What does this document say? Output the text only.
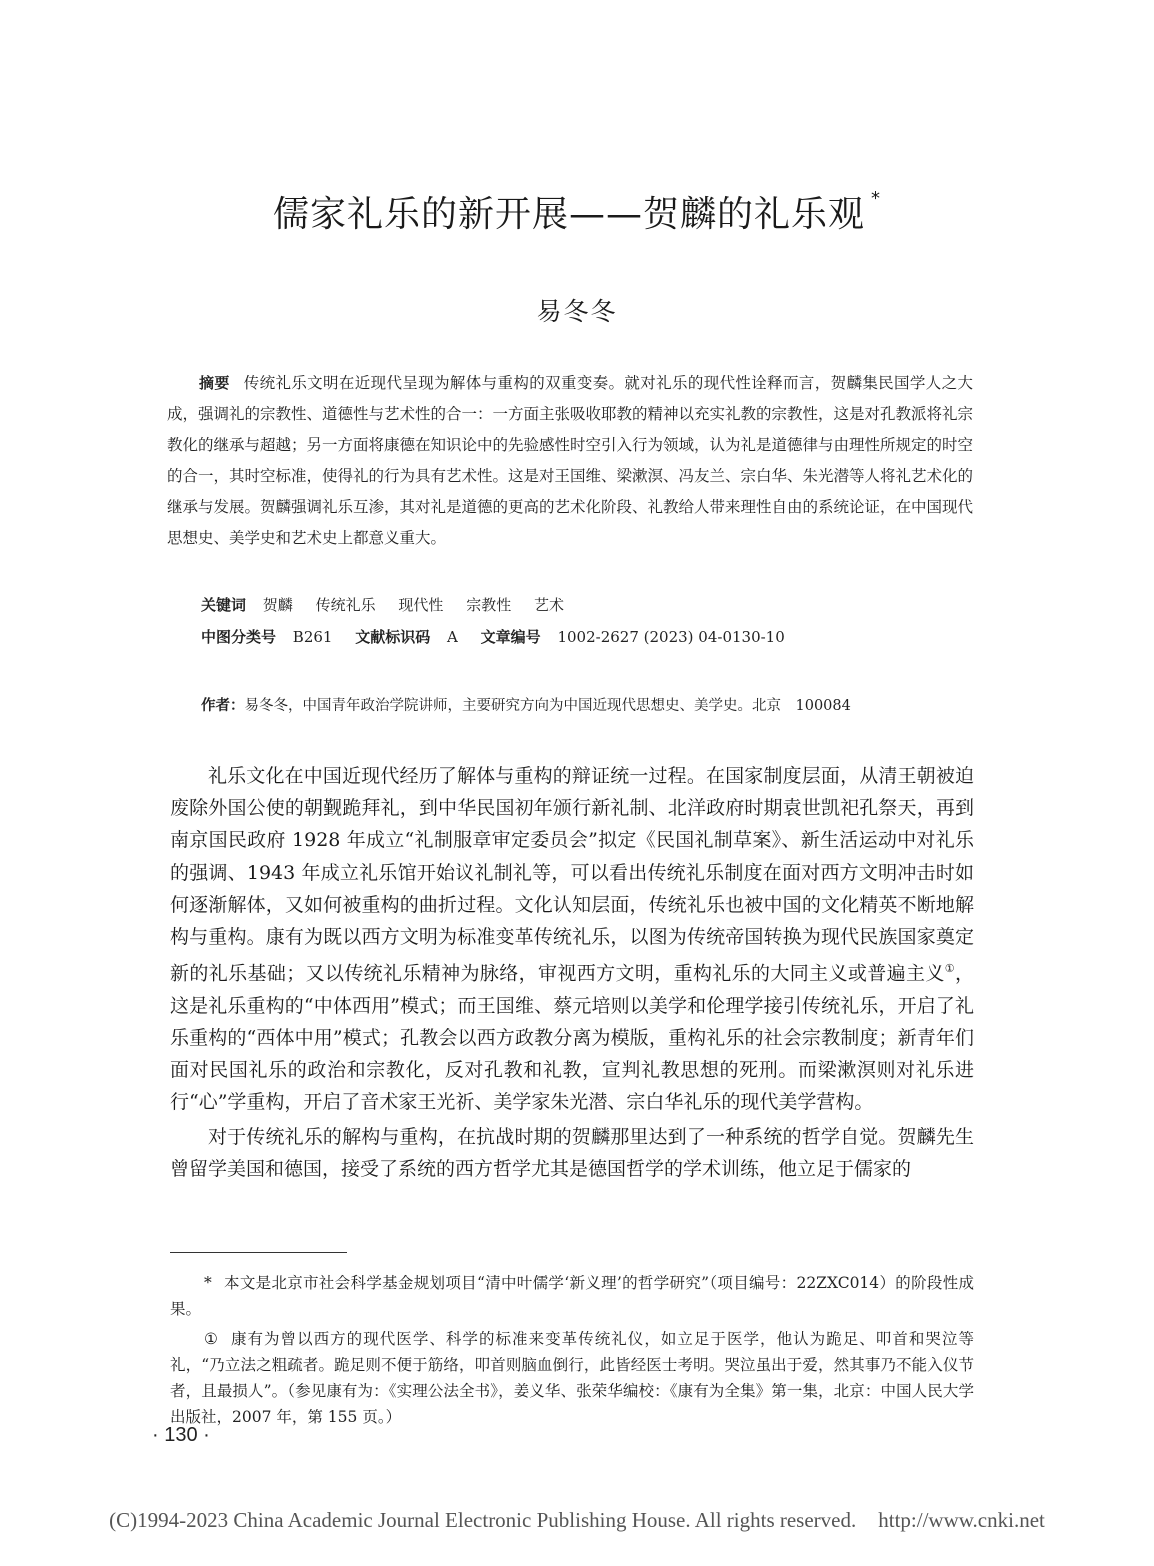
儒家礼乐的新开展——贺麟的礼乐观 *
易冬冬
摘要 传统礼乐文明在近现代呈现为解体与重构的双重变奏。就对礼乐的现代性诠释而言，贺麟集民国学人之大成，强调礼的宗教性、道德性与艺术性的合一：一方面主张吸收耶教的精神以充实礼教的宗教性，这是对孔教派将礼宗教化的继承与超越；另一方面将康德在知识论中的先验感性时空引入行为领域，认为礼是道德律与由理性所规定的时空的合一，其时空标准，使得礼的行为具有艺术性。这是对王国维、梁漱溟、冯友兰、宗白华、朱光潜等人将礼艺术化的继承与发展。贺麟强调礼乐互渗，其对礼是道德的更高的艺术化阶段、礼教给人带来理性自由的系统论证，在中国现代思想史、美学史和艺术史上都意义重大。
关键词 贺麟 传统礼乐 现代性 宗教性 艺术
中图分类号 B261 文献标识码 A 文章编号 1002-2627 (2023) 04-0130-10
作者：易冬冬，中国青年政治学院讲师，主要研究方向为中国近现代思想史、美学史。北京　100084

礼乐文化在中国近现代经历了解体与重构的辩证统一过程。在国家制度层面，从清王朝被迫废除外国公使的朝觐跪拜礼，到中华民国初年颁行新礼制、北洋政府时期袁世凯祀孔祭天，再到南京国民政府 1928 年成立“礼制服章审定委员会”拟定《民国礼制草案》、新生活运动中对礼乐的强调、1943 年成立礼乐馆开始议礼制礼等，可以看出传统礼乐制度在面对西方文明冲击时如何逐渐解体，又如何被重构的曲折过程。文化认知层面，传统礼乐也被中国的文化精英不断地解构与重构。康有为既以西方文明为标准变革传统礼乐，以图为传统帝国转换为现代民族国家奠定新的礼乐基础；又以传统礼乐精神为脉络，审视西方文明，重构礼乐的大同主义或普遍主义①，这是礼乐重构的“中体西用”模式；而王国维、蔡元培则以美学和伦理学接引传统礼乐，开启了礼乐重构的“西体中用”模式；孔教会以西方政教分离为模版，重构礼乐的社会宗教制度；新青年们面对民国礼乐的政治和宗教化，反对孔教和礼教，宣判礼教思想的死刑。而梁漱溟则对礼乐进行“心”学重构，开启了音术家王光祈、美学家朱光潜、宗白华礼乐的现代美学营构。

对于传统礼乐的解构与重构，在抗战时期的贺麟那里达到了一种系统的哲学自觉。贺麟先生曾留学美国和德国，接受了系统的西方哲学尤其是德国哲学的学术训练，他立足于儒家的

* 本文是北京市社会科学基金规划项目“清中叶儒学‘新义理’的哲学研究”（项目编号：22ZXC014）的阶段性成果。

① 康有为曾以西方的现代医学、科学的标准来变革传统礼仪，如立足于医学，他认为跪足、叩首和哭泣等礼，“乃立法之粗疏者。跪足则不便于筋络，叩首则脑血倒行，此皆经医士考明。哭泣虽出于爱，然其事乃不能入仪节者，且最损人”。（参见康有为：《实理公法全书》，姜义华、张荣华编校：《康有为全集》第一集，北京：中国人民大学出版社，2007 年，第 155 页。）

· 130 ·
(C)1994-2023 China Academic Journal Electronic Publishing House. All rights reserved. http://www.cnki.net
